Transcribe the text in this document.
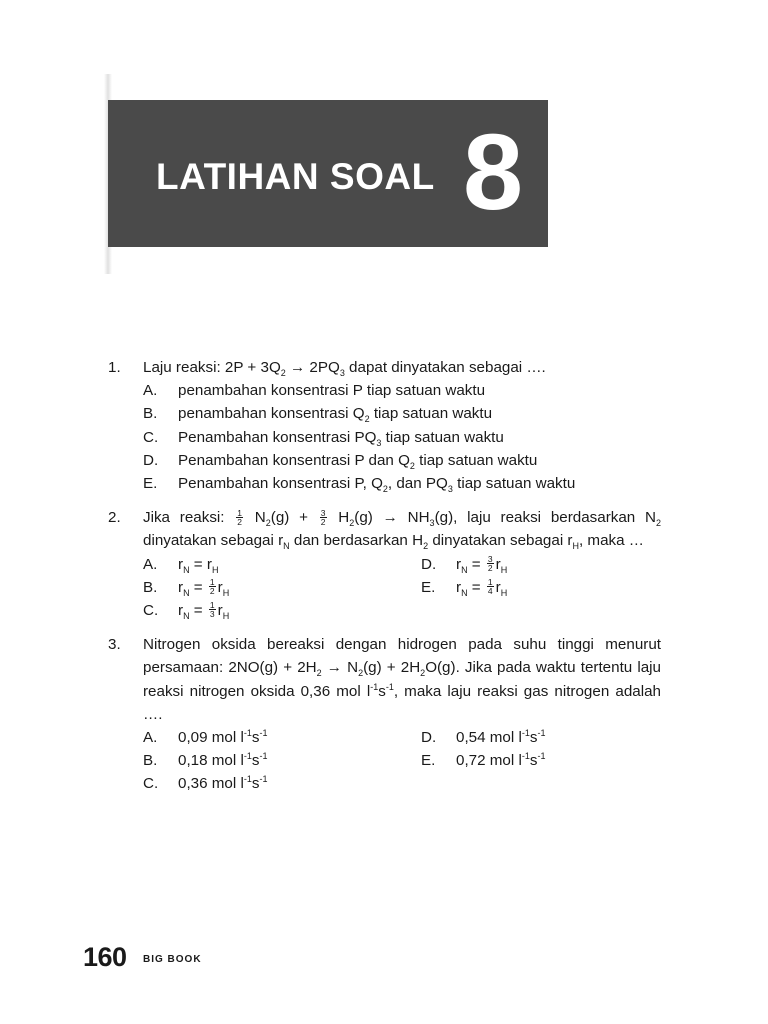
LATIHAN SOAL 8
1. Laju reaksi: $2P + 3Q_2 \to 2PQ_3$ dapat dinyatakan sebagai ….
A. penambahan konsentrasi P tiap satuan waktu
B. penambahan konsentrasi $Q_2$ tiap satuan waktu
C. Penambahan konsentrasi $PQ_3$ tiap satuan waktu
D. Penambahan konsentrasi P dan $Q_2$ tiap satuan waktu
E. Penambahan konsentrasi P, $Q_2$, dan $PQ_3$ tiap satuan waktu
2. Jika reaksi: $\frac{1}{2} N_2(g) + \frac{3}{2} H_2(g) \to NH_3(g)$, laju reaksi berdasarkan $N_2$ dinyatakan sebagai $r_N$ dan berdasarkan $H_2$ dinyatakan sebagai $r_H$, maka …
A. $r_N = r_H$	D. $r_N = \frac{3}{2} r_H$
B. $r_N = \frac{1}{2} r_H$	E. $r_N = \frac{1}{4} r_H$
C. $r_N = \frac{1}{3} r_H$
3. Nitrogen oksida bereaksi dengan hidrogen pada suhu tinggi menurut persamaan: $2NO(g) + 2H_2 \to N_2(g) + 2H_2O(g)$. Jika pada waktu tertentu laju reaksi nitrogen oksida 0,36 mol $l^{-1}s^{-1}$, maka laju reaksi gas nitrogen adalah ….
A. 0,09 mol $l^{-1}s^{-1}$	D. 0,54 mol $l^{-1}s^{-1}$
B. 0,18 mol $l^{-1}s^{-1}$	E. 0,72 mol $l^{-1}s^{-1}$
C. 0,36 mol $l^{-1}s^{-1}$
160 BIG BOOK
